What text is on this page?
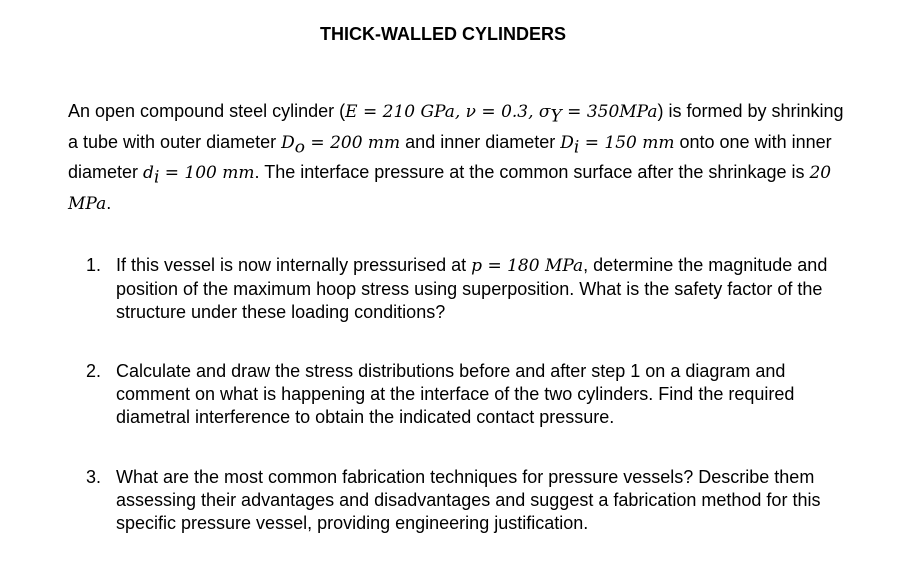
THICK-WALLED CYLINDERS
An open compound steel cylinder (E = 210 GPa, ν = 0.3, $\sigma_Y = 350MPa$) is formed by shrinking a tube with outer diameter $D_o = 200$ mm and inner diameter $D_i = 150$ mm onto one with inner diameter $d_i = 100$ mm. The interface pressure at the common surface after the shrinkage is 20 MPa.
1. If this vessel is now internally pressurised at p = 180 MPa, determine the magnitude and position of the maximum hoop stress using superposition. What is the safety factor of the structure under these loading conditions?
2. Calculate and draw the stress distributions before and after step 1 on a diagram and comment on what is happening at the interface of the two cylinders. Find the required diametral interference to obtain the indicated contact pressure.
3. What are the most common fabrication techniques for pressure vessels? Describe them assessing their advantages and disadvantages and suggest a fabrication method for this specific pressure vessel, providing engineering justification.
